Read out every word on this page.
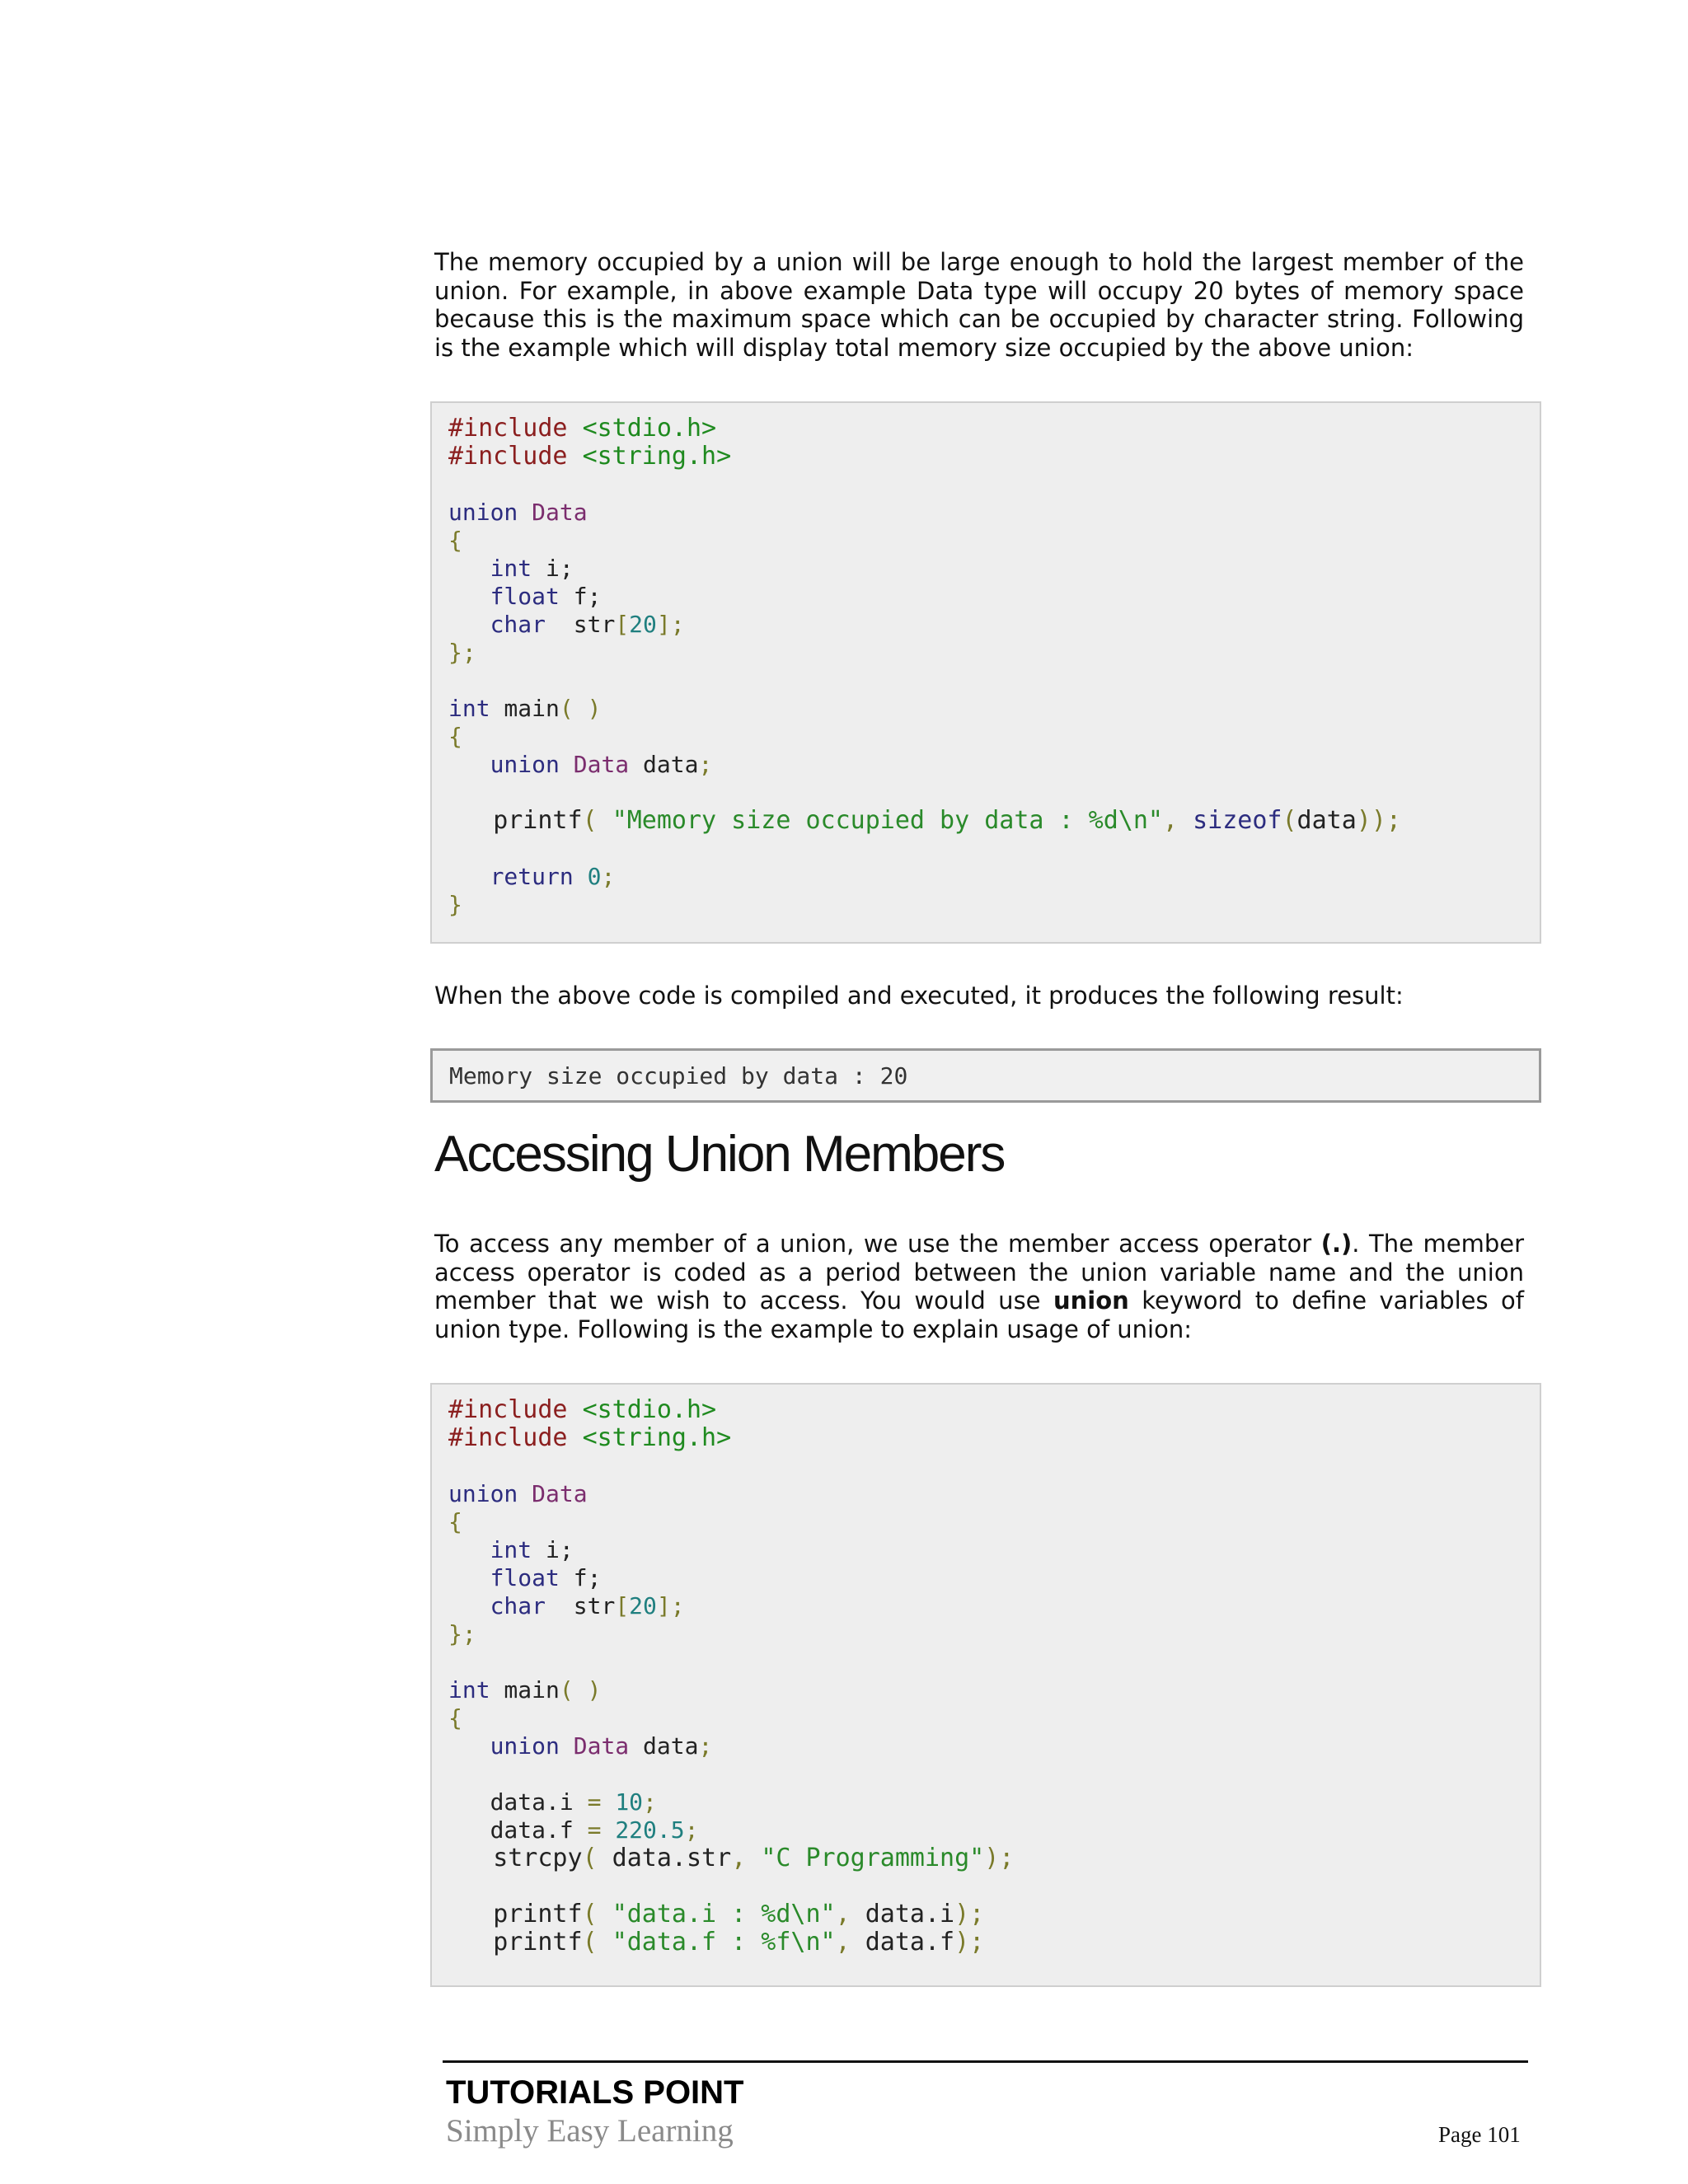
The memory occupied by a union will be large enough to hold the largest member of the union. For example, in above example Data type will occupy 20 bytes of memory space because this is the maximum space which can be occupied by character string. Following is the example which will display total memory size occupied by the above union:

#include <stdio.h>
#include <string.h>
union Data
{
int i;
float f;
char  str[20];
};
int main( )
{
union Data data;
printf( "Memory size occupied by data : %d\n", sizeof(data));
return 0;
}

When the above code is compiled and executed, it produces the following result:

Memory size occupied by data : 20
Accessing Union Members

To access any member of a union, we use the member access operator (.). The member access operator is coded as a period between the union variable name and the union member that we wish to access. You would use union keyword to define variables of union type. Following is the example to explain usage of union:

#include <stdio.h>
#include <string.h>
union Data
{
int i;
float f;
char  str[20];
};
int main( )
{
union Data data;
data.i = 10;
data.f = 220.5;
strcpy( data.str, "C Programming");
printf( "data.i : %d\n", data.i);
printf( "data.f : %f\n", data.f);

TUTORIALS POINT

Simply Easy Learning	Page 101
